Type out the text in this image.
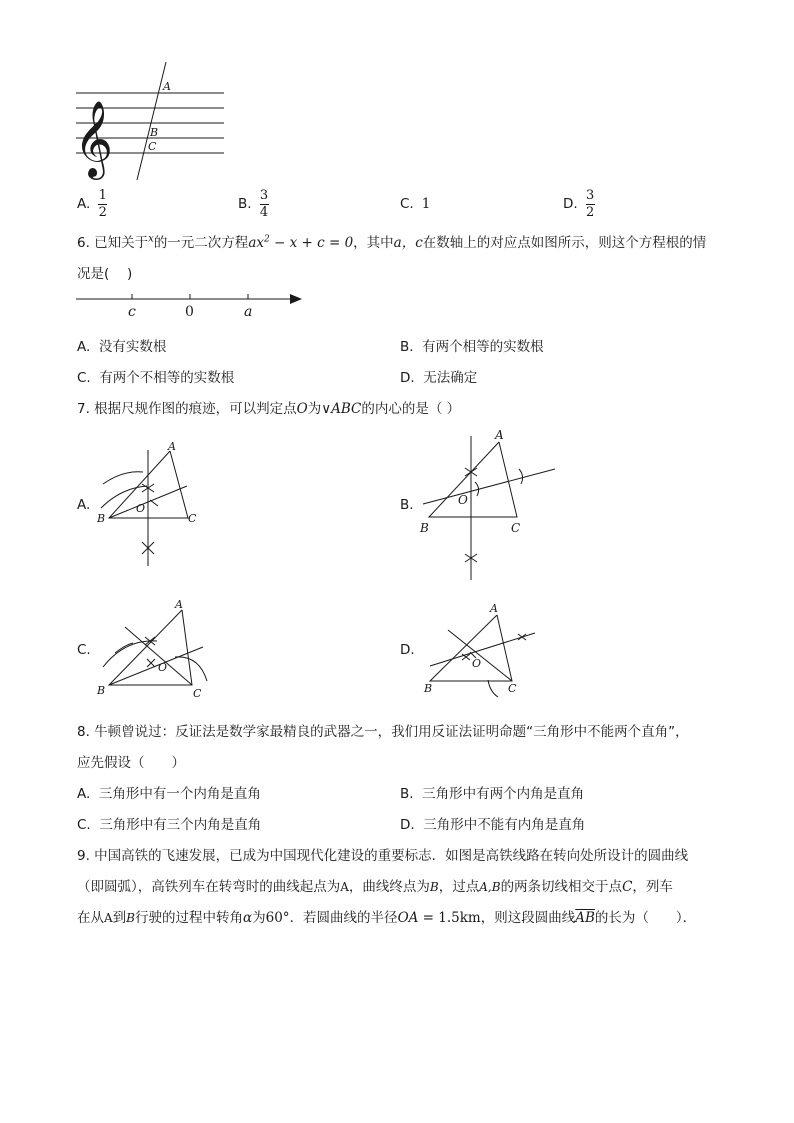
𝄞
A
B
C
A. $\frac{1}{2}$	B. $\frac{3}{4}$	C. 1	D. $\frac{3}{2}$
6. 已知关于$^x$的一元二次方程$ax^2 - x + c = 0$，其中a，c在数轴上的对应点如图所示，则这个方程根的情
况是(　 )
c	0	a
A. 没有实数根	B. 有两个相等的实数根
C. 有两个不相等的实数根	D. 无法确定
7. 根据尺规作图的痕迹，可以判定点O为∨ABC的内心的是（ ）
A.
A
B	C
O	B.
A
B	C
O
C.
A
B	C
O
D.
A
B	C
O
8. 牛顿曾说过：反证法是数学家最精良的武器之一，我们用反证法证明命题“三角形中不能两个直角”，
应先假设（　　）
A. 三角形中有一个内角是直角	B. 三角形中有两个内角是直角
C. 三角形中有三个内角是直角	D. 三角形中不能有内角是直角
9. 中国高铁的飞速发展，已成为中国现代化建设的重要标志．如图是高铁线路在转向处所设计的圆曲线
（即圆弧），高铁列车在转弯时的曲线起点为A，曲线终点为B，过点A,B的两条切线相交于点C，列车
在从A到B行驶的过程中转角α为60°．若圆曲线的半径OA = 1.5km，则这段圆曲线$\overline{AB}$的长为（　　）．
